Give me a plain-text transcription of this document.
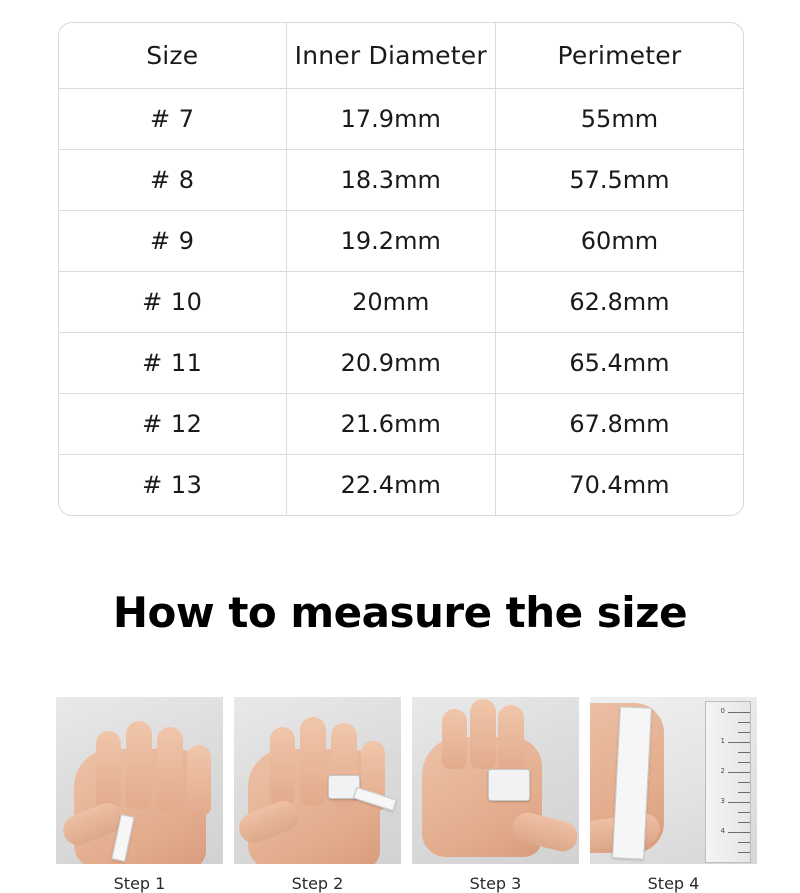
Size	Inner Diameter	Perimeter
# 7	17.9mm	55mm
# 8	18.3mm	57.5mm
# 9	19.2mm	60mm
# 10	20mm	62.8mm
# 11	20.9mm	65.4mm
# 12	21.6mm	67.8mm
# 13	22.4mm	70.4mm
How to measure the size
Step 1	Step 2	Step 3
0
1
2
3
4
Step 4
